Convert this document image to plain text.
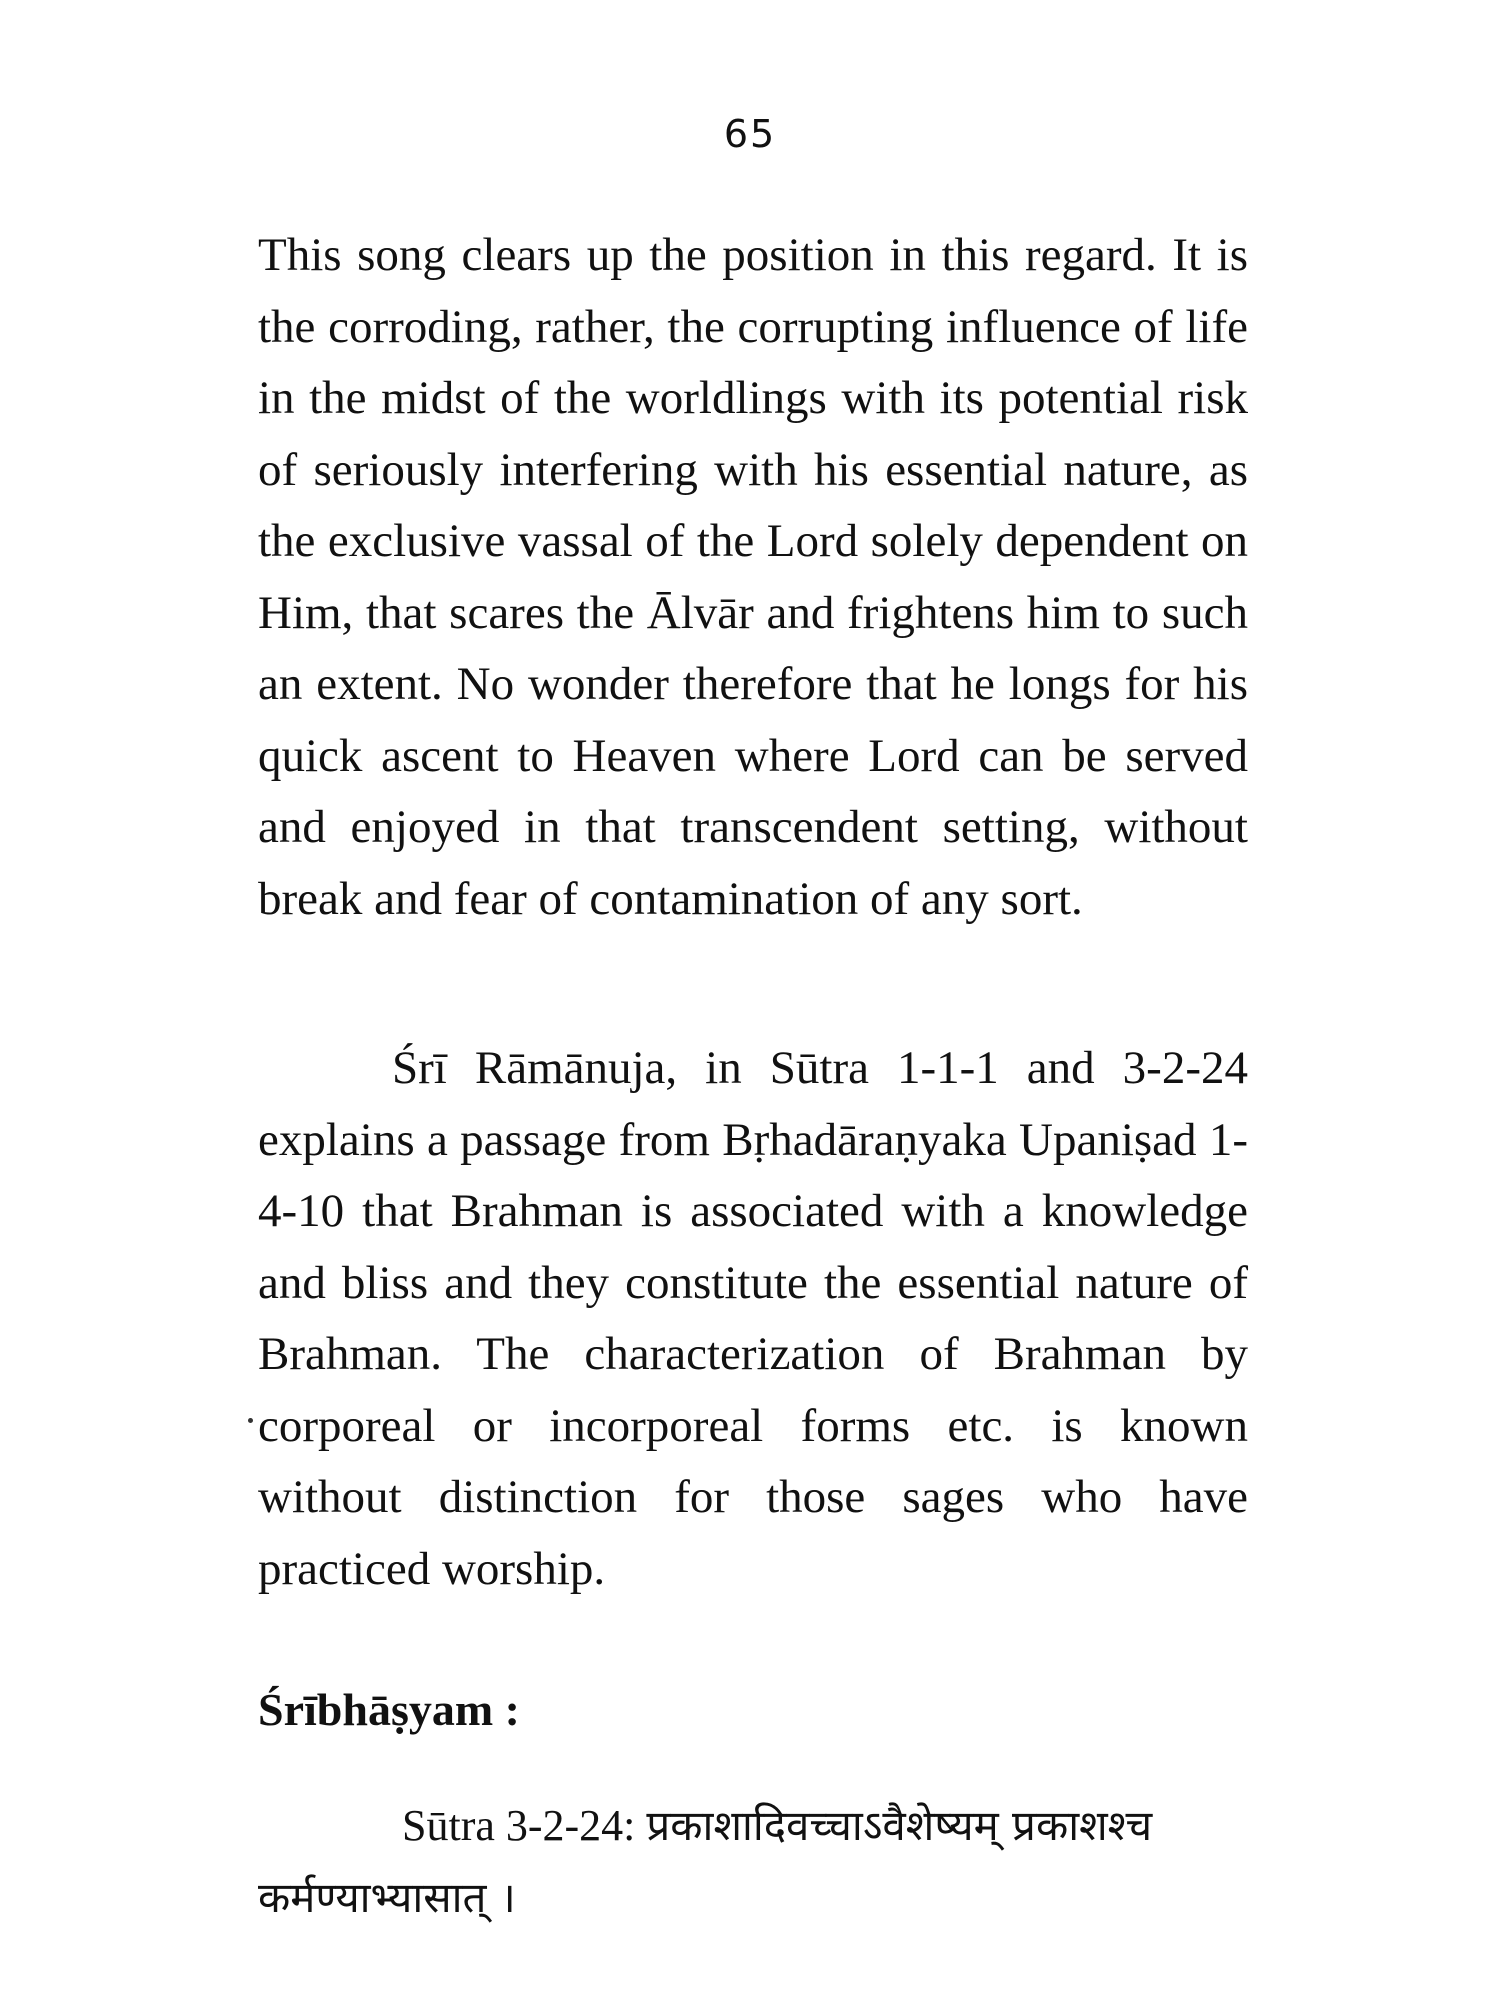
65

This song clears up the position in this regard. It is the corroding, rather, the corrupting influence of life in the midst of the worldlings with its potential risk of seriously interfering with his essential nature, as the exclusive vassal of the Lord solely dependent on Him, that scares the Ālvār and frightens him to such an extent. No wonder therefore that he longs for his quick ascent to Heaven where Lord can be served and enjoyed in that transcendent setting, without break and fear of contamination of any sort.

Śrī Rāmānuja, in Sūtra 1-1-1 and 3-2-24 explains a passage from Bṛhadāraṇyaka Upaniṣad 1-4-10 that Brahman is associated with a knowledge and bliss and they constitute the essential nature of Brahman. The characterization of Brahman by corporeal or incorporeal forms etc. is known without distinction for those sages who have practiced worship.

Śrībhāṣyam :
Sūtra 3-2-24: प्रकाशादिवच्चाऽवैशेष्यम् प्रकाशश्च
कर्मण्याभ्यासात् ।
